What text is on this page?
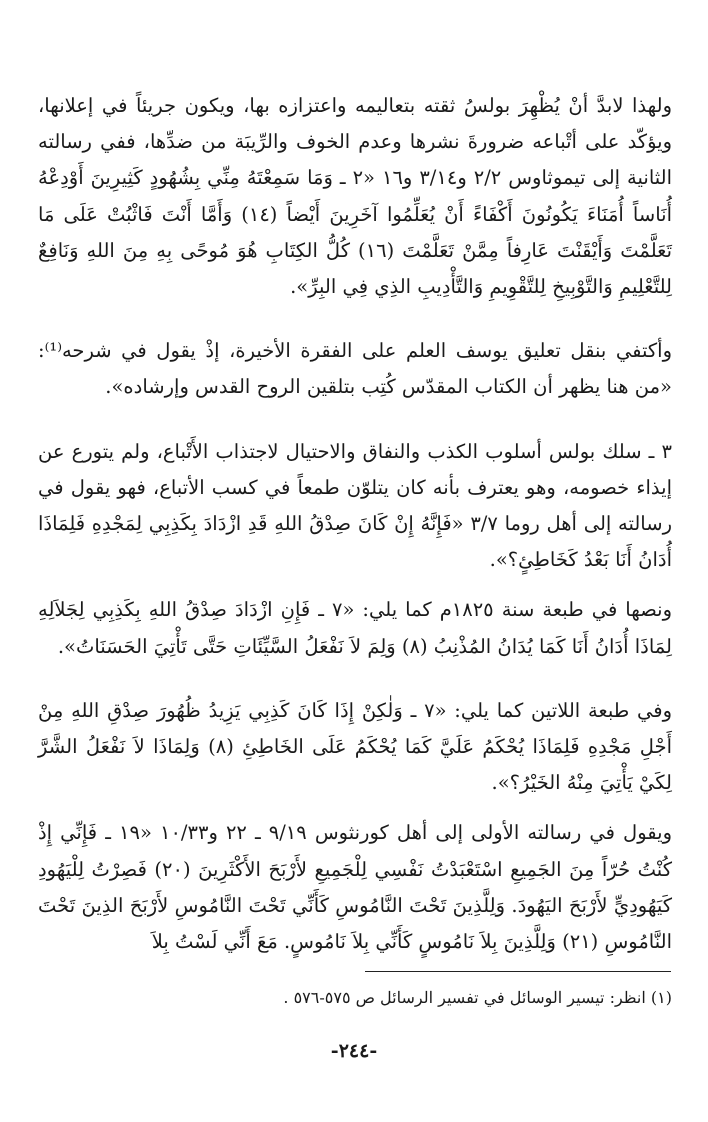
ولهذا لابدَّ أنْ يُظْهِرَ بولسُ ثقته بتعاليمه واعتزازه بها، ويكون جريئاً في إعلانها، ويؤكّد على أتْباعه ضرورةَ نشرها وعدم الخوف والرِّيبَة من ضدِّها، ففي رسالته الثانية إلى تيموثاوس ٢/٢ و٣/١٤ و١٦ «٢ ـ وَمَا سَمِعْتَهُ مِنِّي بِشُهُودٍ كَثِيرِينَ أَوْدِعْهُ أُنَاساً أُمَنَاءَ يَكُونُونَ أَكْفَاءً أَنْ يُعَلِّمُوا آخَرِينَ أَيْضاً (١٤) وَأَمَّا أَنْتَ فَاثْبُتْ عَلَى مَا تَعَلَّمْتَ وَأَيْقَنْتَ عَارِفاً مِمَّنْ تَعَلَّمْتَ (١٦) كُلُّ الكِتَابِ هُوَ مُوحًى بِهِ مِنَ اللهِ وَنَافِعٌ لِلتَّعْلِيمِ وَالتَّوْبِيخِ لِلتَّقْوِيمِ وَالتَّأْدِيبِ الذِي فِي البِرِّ».

وأكتفي بنقل تعليق يوسف العلم على الفقرة الأخيرة، إذْ يقول في شرحه⁽¹⁾: «من هنا يظهر أن الكتاب المقدّس كُتِب بتلقين الروح القدس وإرشاده».

٣ ـ سلك بولس أسلوب الكذب والنفاق والاحتيال لاجتذاب الأَتْباع، ولم يتورع عن إيذاء خصومه، وهو يعترف بأنه كان يتلوّن طمعاً في كسب الأتباع، فهو يقول في رسالته إلى أهل روما ٣/٧ «فَإِنَّهُ إِنْ كَانَ صِدْقُ اللهِ قَدِ ازْدَادَ بِكَذِبِي لِمَجْدِهِ فَلِمَاذَا أُدَانُ أَنَا بَعْدُ كَخَاطِئٍ؟».

ونصها في طبعة سنة ١٨٢٥م كما يلي: «٧ ـ فَإِنِ ازْدَادَ صِدْقُ اللهِ بِكَذِبِي لِجَلاَلِهِ لِمَاذَا أُدَانُ أَنَا كَمَا يُدَانُ المُذْنِبُ (٨) وَلِمَ لاَ نَفْعَلُ السَّيِّئَاتِ حَتَّى تَأْتِيَ الحَسَنَاتُ».

وفي طبعة اللاتين كما يلي: «٧ ـ وَلٰكِنْ إِذَا كَانَ كَذِبِي يَزِيدُ ظُهُورَ صِدْقِ اللهِ مِنْ أَجْلِ مَجْدِهِ فَلِمَاذَا يُحْكَمُ عَلَيَّ كَمَا يُحْكَمُ عَلَى الخَاطِئِ (٨) وَلِمَاذَا لاَ نَفْعَلُ الشَّرَّ لِكَيْ يَأْتِيَ مِنْهُ الخَيْرُ؟».

ويقول في رسالته الأولى إلى أهل كورنثوس ٩/١٩ ـ ٢٢ و١٠/٣٣ «١٩ ـ فَإِنِّي إِذْ كُنْتُ حُرّاً مِنَ الجَمِيعِ اسْتَعْبَدْتُ نَفْسِي لِلْجَمِيعِ لأَرْبَحَ الأَكْثَرِينَ (٢٠) فَصِرْتُ لِلْيَهُودِ كَيَهُودِيٍّ لأَرْبَحَ اليَهُودَ. وَلِلَّذِينَ تَحْتَ النَّامُوسِ كَأَنِّي تَحْتَ النَّامُوسِ لأَرْبَحَ الذِينَ تَحْتَ النَّامُوسِ (٢١) وَلِلَّذِينَ بِلاَ نَامُوسٍ كَأَنِّي بِلاَ نَامُوسٍ. مَعَ أَنِّي لَسْتُ بِلاَ

(١) انظر: تيسير الوسائل في تفسير الرسائل ص ٥٧٥-٥٧٦ .
-٢٤٤-
